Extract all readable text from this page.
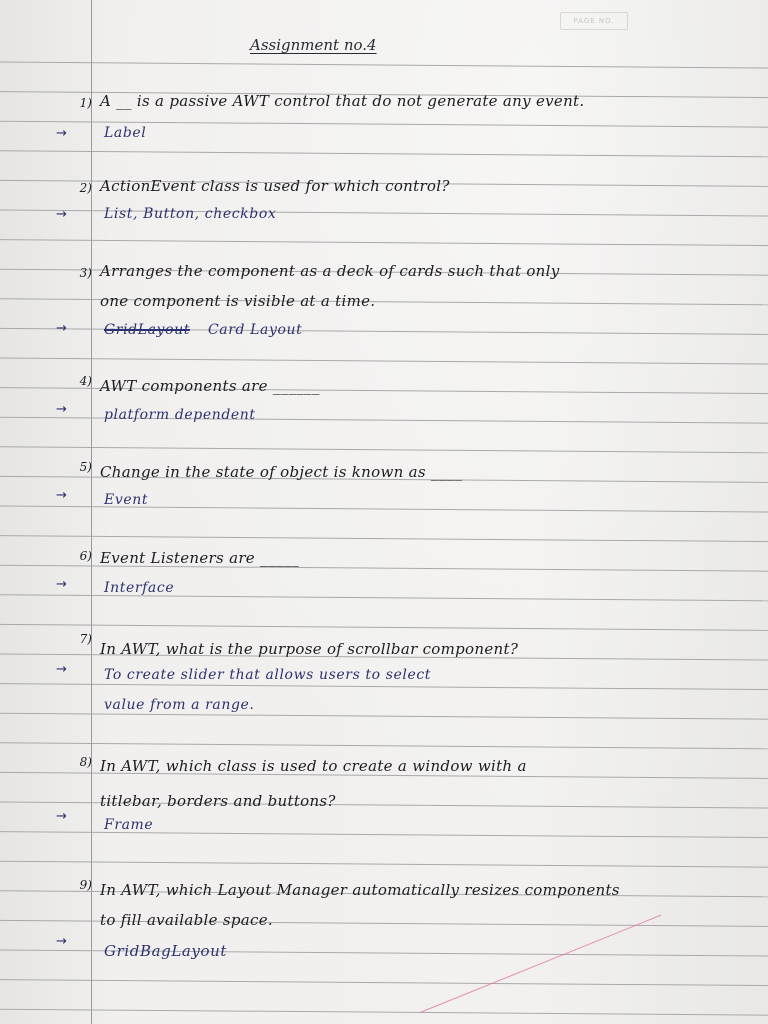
PAGE NO.
Assignment no.4
1) A __ is a passive AWT control that do not generate any event.
→	Label
2) ActionEvent class is used for which control?
→	List, Button, checkbox
3) Arranges the component as a deck of cards such that only
one component is visible at a time.
→	GridLayout Card Layout
4) AWT components are ______
→	platform dependent
5) Change in the state of object is known as ____
→	Event
6) Event Listeners are _____
→	Interface
7)
In AWT, what is the purpose of scrollbar component?
→	To create slider that allows users to select
value from a range.
8) In AWT, which class is used to create a window with a
titlebar, borders and buttons?
→
Frame
9) In AWT, which Layout Manager automatically resizes components
to fill available space.
→
GridBagLayout
